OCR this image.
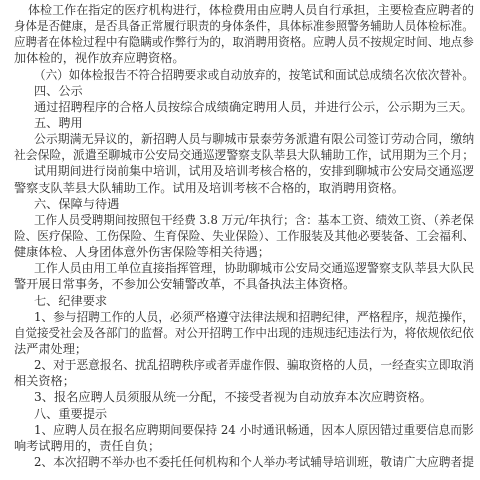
体检工作在指定的医疗机构进行，体检费用由应聘人员自行承担，主要检查应聘者的
身体是否健康，是否具备正常履行职责的身体条件，具体标准参照警务辅助人员体检标准。
应聘者在体检过程中有隐瞒或作弊行为的，取消聘用资格。应聘人员不按规定时间、地点参
加体检的，视作放弃应聘资格。
（六）如体检报告不符合招聘要求或自动放弃的，按笔试和面试总成绩名次依次替补。
四、公示
通过招聘程序的合格人员按综合成绩确定聘用人员，并进行公示，公示期为三天。
五、聘用
公示期满无异议的，新招聘人员与聊城市景泰劳务派遣有限公司签订劳动合同，缴纳
社会保险，派遣至聊城市公安局交通巡逻警察支队莘县大队辅助工作，试用期为三个月；
试用期间进行岗前集中培训，试用及培训考核合格的，安排到聊城市公安局交通巡逻
警察支队莘县大队辅助工作。试用及培训考核不合格的，取消聘用资格。
六、保障与待遇
工作人员受聘期间按照包干经费 3.8 万元/年执行；含：基本工资、绩效工资、（养老保
险、医疗保险、工伤保险、生育保险、失业保险）、工作服装及其他必要装备、工会福利、
健康体检、人身团体意外伤害保险等相关待遇；
工作人员由用工单位直接指挥管理，协助聊城市公安局交通巡逻警察支队莘县大队民
警开展日常事务，不参加公安辅警改革，不具备执法主体资格。
七、纪律要求
1、参与招聘工作的人员，必须严格遵守法律法规和招聘纪律，严格程序，规范操作，
自觉接受社会及各部门的监督。对公开招聘工作中出现的违规违纪违法行为，将依规依纪依
法严肃处理；
2、对于恶意报名、扰乱招聘秩序或者弄虚作假、骗取资格的人员，一经查实立即取消
相关资格；
3、报名应聘人员须服从统一分配，不接受者视为自动放弃本次应聘资格。
八、重要提示
1、应聘人员在报名应聘期间要保持 24 小时通讯畅通，因本人原因错过重要信息而影
响考试聘用的，责任自负；
2、本次招聘不举办也不委托任何机构和个人举办考试辅导培训班，敬请广大应聘者提
